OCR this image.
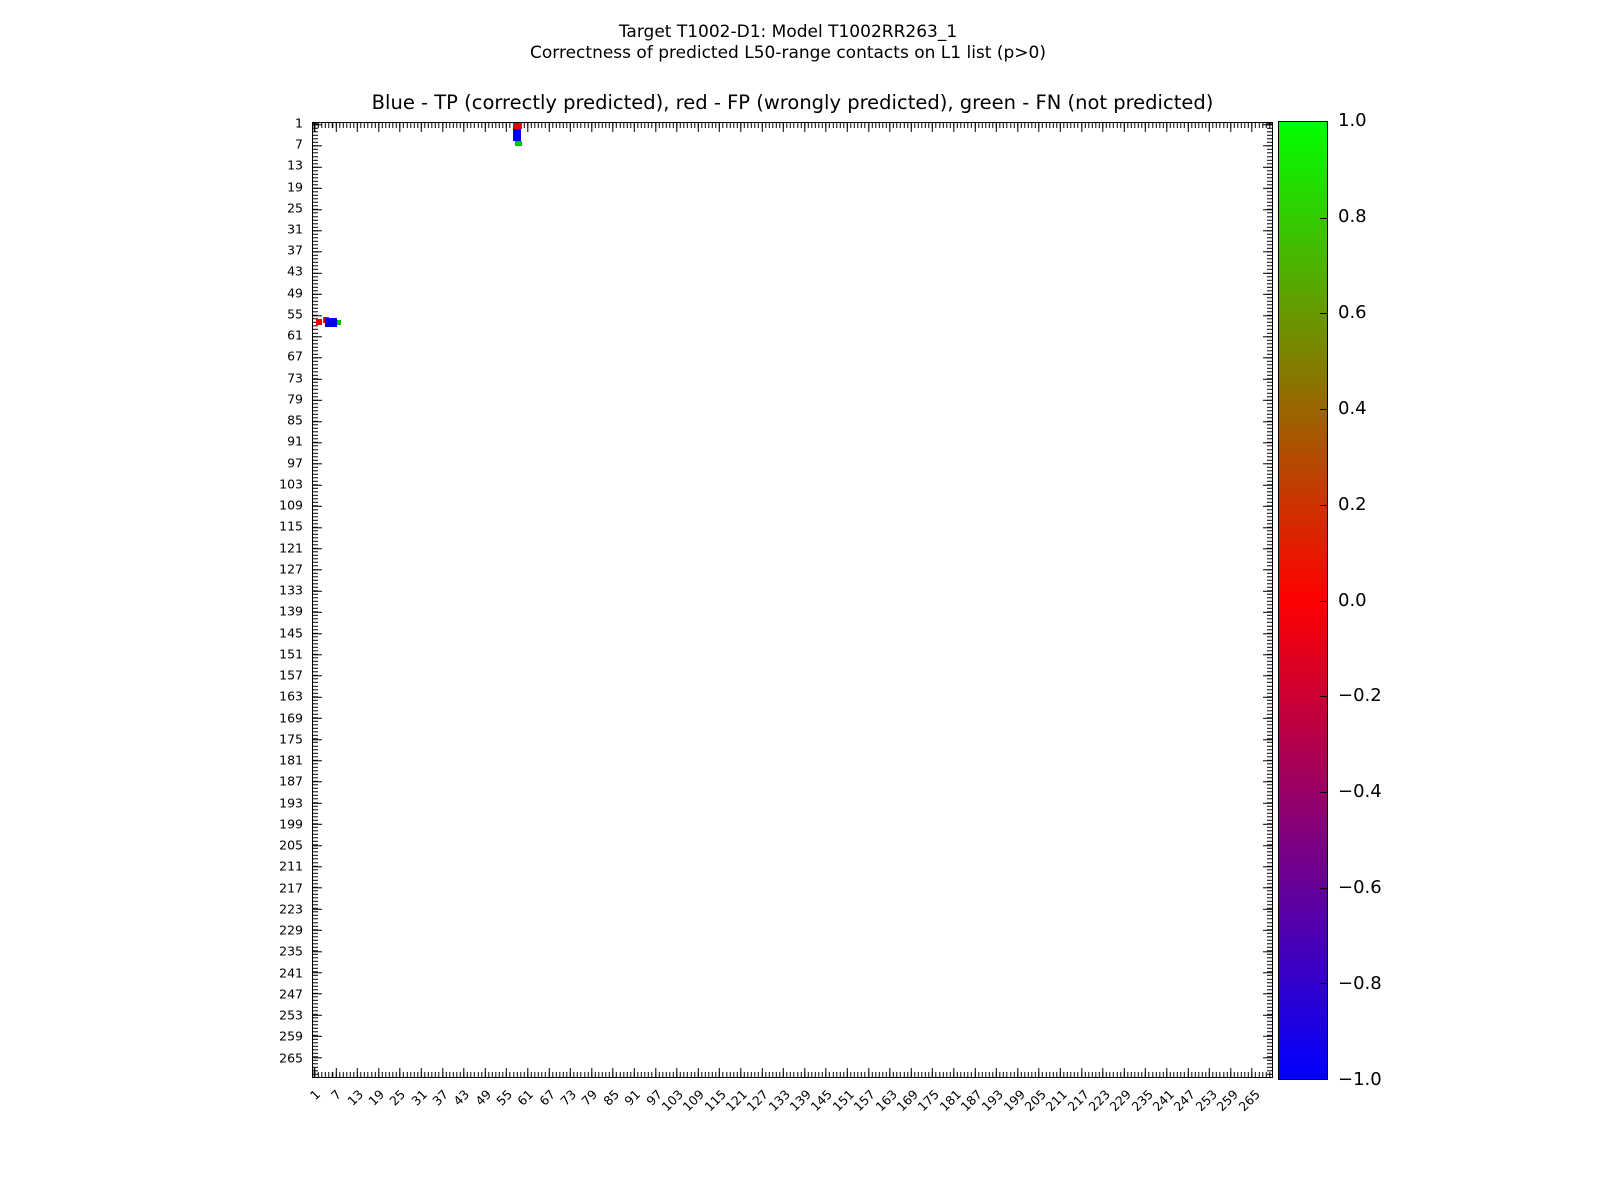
Target T1002-D1: Model T1002RR263_1
Correctness of predicted L50-range contacts on L1 list (p>0)
Blue - TP (correctly predicted), red - FP (wrongly predicted), green - FN (not predicted)
1
7
13
19
25
31
37
43
49
55
61
67
73
79
85
91
97
103
109
115
121
127
133
139
145
151
157
163
169
175
181
187
193
199
205
211
217
223
229
235
241
247
253
259
265
1 7 13 19 25 31 37 43 49 55 61 67 73 79 85 91 97
103
109
115
121
127
133
139
145
151
157
163
169
175
181
187
193
199
205
211
217
223
229
235
241
247
253
259
265
1.0
0.8
0.6
0.4
0.2
0.0
−0.2
−0.4
−0.6
−0.8
−1.0
